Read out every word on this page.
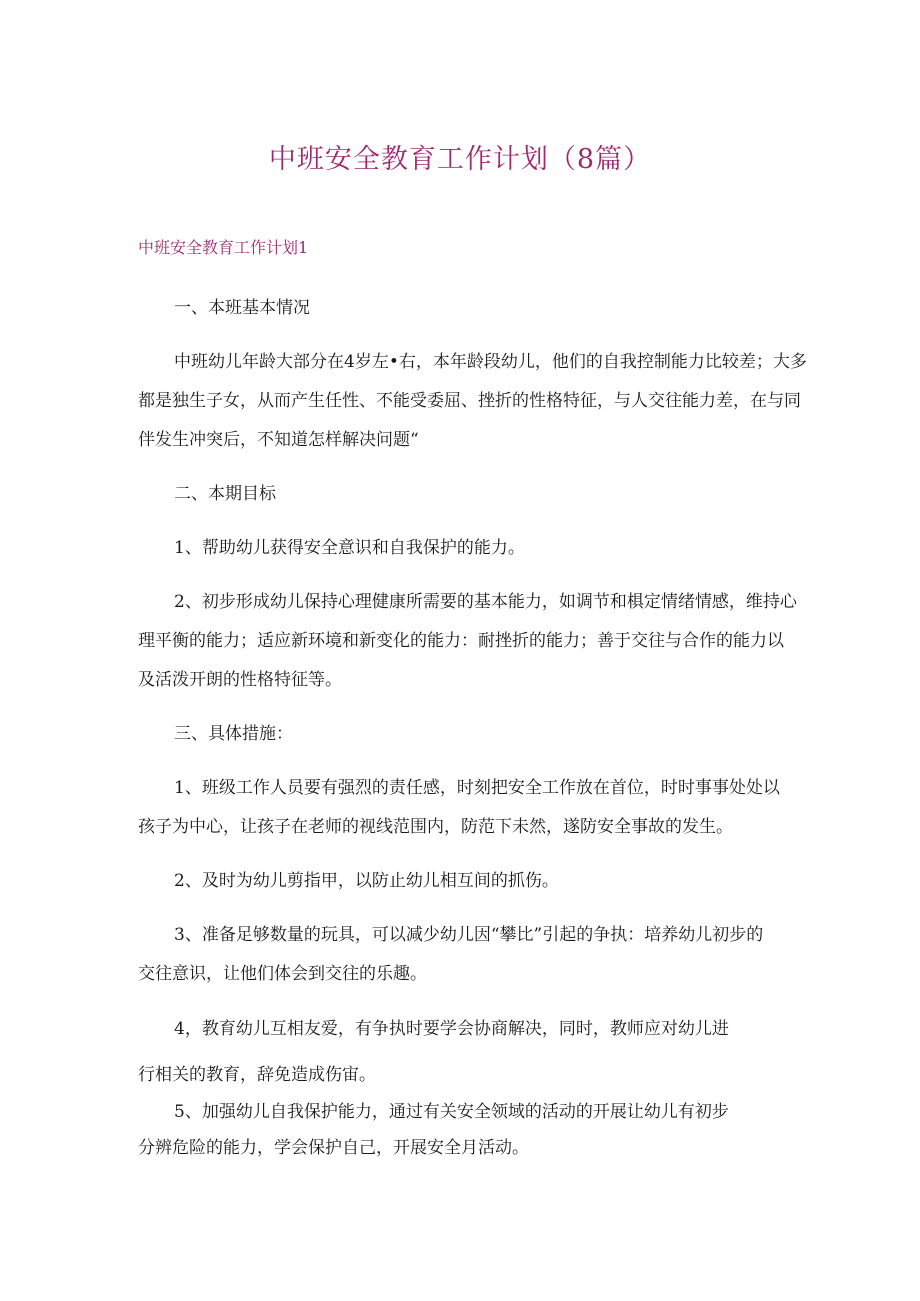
中班安全教育工作计划（8篇）
中班安全教育工作计划1
一、本班基本情况
中班幼儿年龄大部分在4岁左•右，本年龄段幼儿，他们的自我控制能力比较差；大多
都是独生子女，从而产生任性、不能受委屈、挫折的性格特征，与人交往能力差，在与同
伴发生冲突后，不知道怎样解决问题“
二、本期目标
1、帮助幼儿获得安全意识和自我保护的能力。
2、初步形成幼儿保持心理健康所需要的基本能力，如调节和椇定情绪情感，维持心
理平衡的能力；适应新环境和新变化的能力：耐挫折的能力；善于交往与合作的能力以
及活泼开朗的性格特征等。
三、具体措施：
1、班级工作人员要有强烈的责任感，时刻把安全工作放在首位，时时事事处处以
孩子为中心，让孩子在老师的视线范围内，防范下未然，遂防安全事故的发生。
2、及时为幼儿剪指甲，以防止幼儿相互间的抓伤。
3、准备足够数量的玩具，可以减少幼儿因“攀比”引起的争执：培养幼儿初步的
交往意识，让他们体会到交往的乐趣。
4，教育幼儿互相友爱，有争执时要学会协商解决，同时，教师应对幼儿进
行相关的教育，辞免造成伤宙。
5、加强幼儿自我保护能力，通过有关安全领域的活动的开展让幼儿有初步
分辨危险的能力，学会保护自己，开展安全月活动。
